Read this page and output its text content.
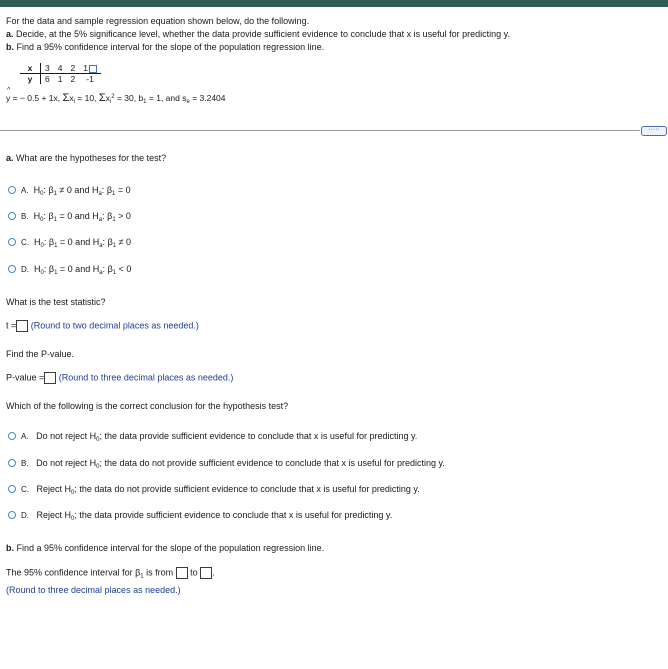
For the data and sample regression equation shown below, do the following.
a. Decide, at the 5% significance level, whether the data provide sufficient evidence to conclude that x is useful for predicting y.
b. Find a 95% confidence interval for the slope of the population regression line.
x	3	4	2	1
y	6	1	2	-1
^
y = − 0.5 + 1x, $\Sigma x_i = 10$, $\Sigma x_i^2 = 30$, $b_1 = 1$, and $s_e = 3.2404$
·····
a. What are the hypotheses for the test?
A. $H_0$: $\beta_1 \ne 0$ and $H_a$: $\beta_1 = 0$
B. $H_0$: $\beta_1 = 0$ and $H_a$: $\beta_1 > 0$
C. $H_0$: $\beta_1 = 0$ and $H_a$: $\beta_1 \ne 0$
D. $H_0$: $\beta_1 = 0$ and $H_a$: $\beta_1 < 0$
What is the test statistic?
t = (Round to two decimal places as needed.)
Find the P-value.
P-value = (Round to three decimal places as needed.)
Which of the following is the correct conclusion for the hypothesis test?
A. Do not reject $H_0$; the data provide sufficient evidence to conclude that x is useful for predicting y.
B. Do not reject $H_0$; the data do not provide sufficient evidence to conclude that x is useful for predicting y.
C. Reject $H_0$; the data do not provide sufficient evidence to conclude that x is useful for predicting y.
D. Reject $H_0$; the data provide sufficient evidence to conclude that x is useful for predicting y.
b. Find a 95% confidence interval for the slope of the population regression line.
The 95% confidence interval for $\beta_1$ is from to .
(Round to three decimal places as needed.)
